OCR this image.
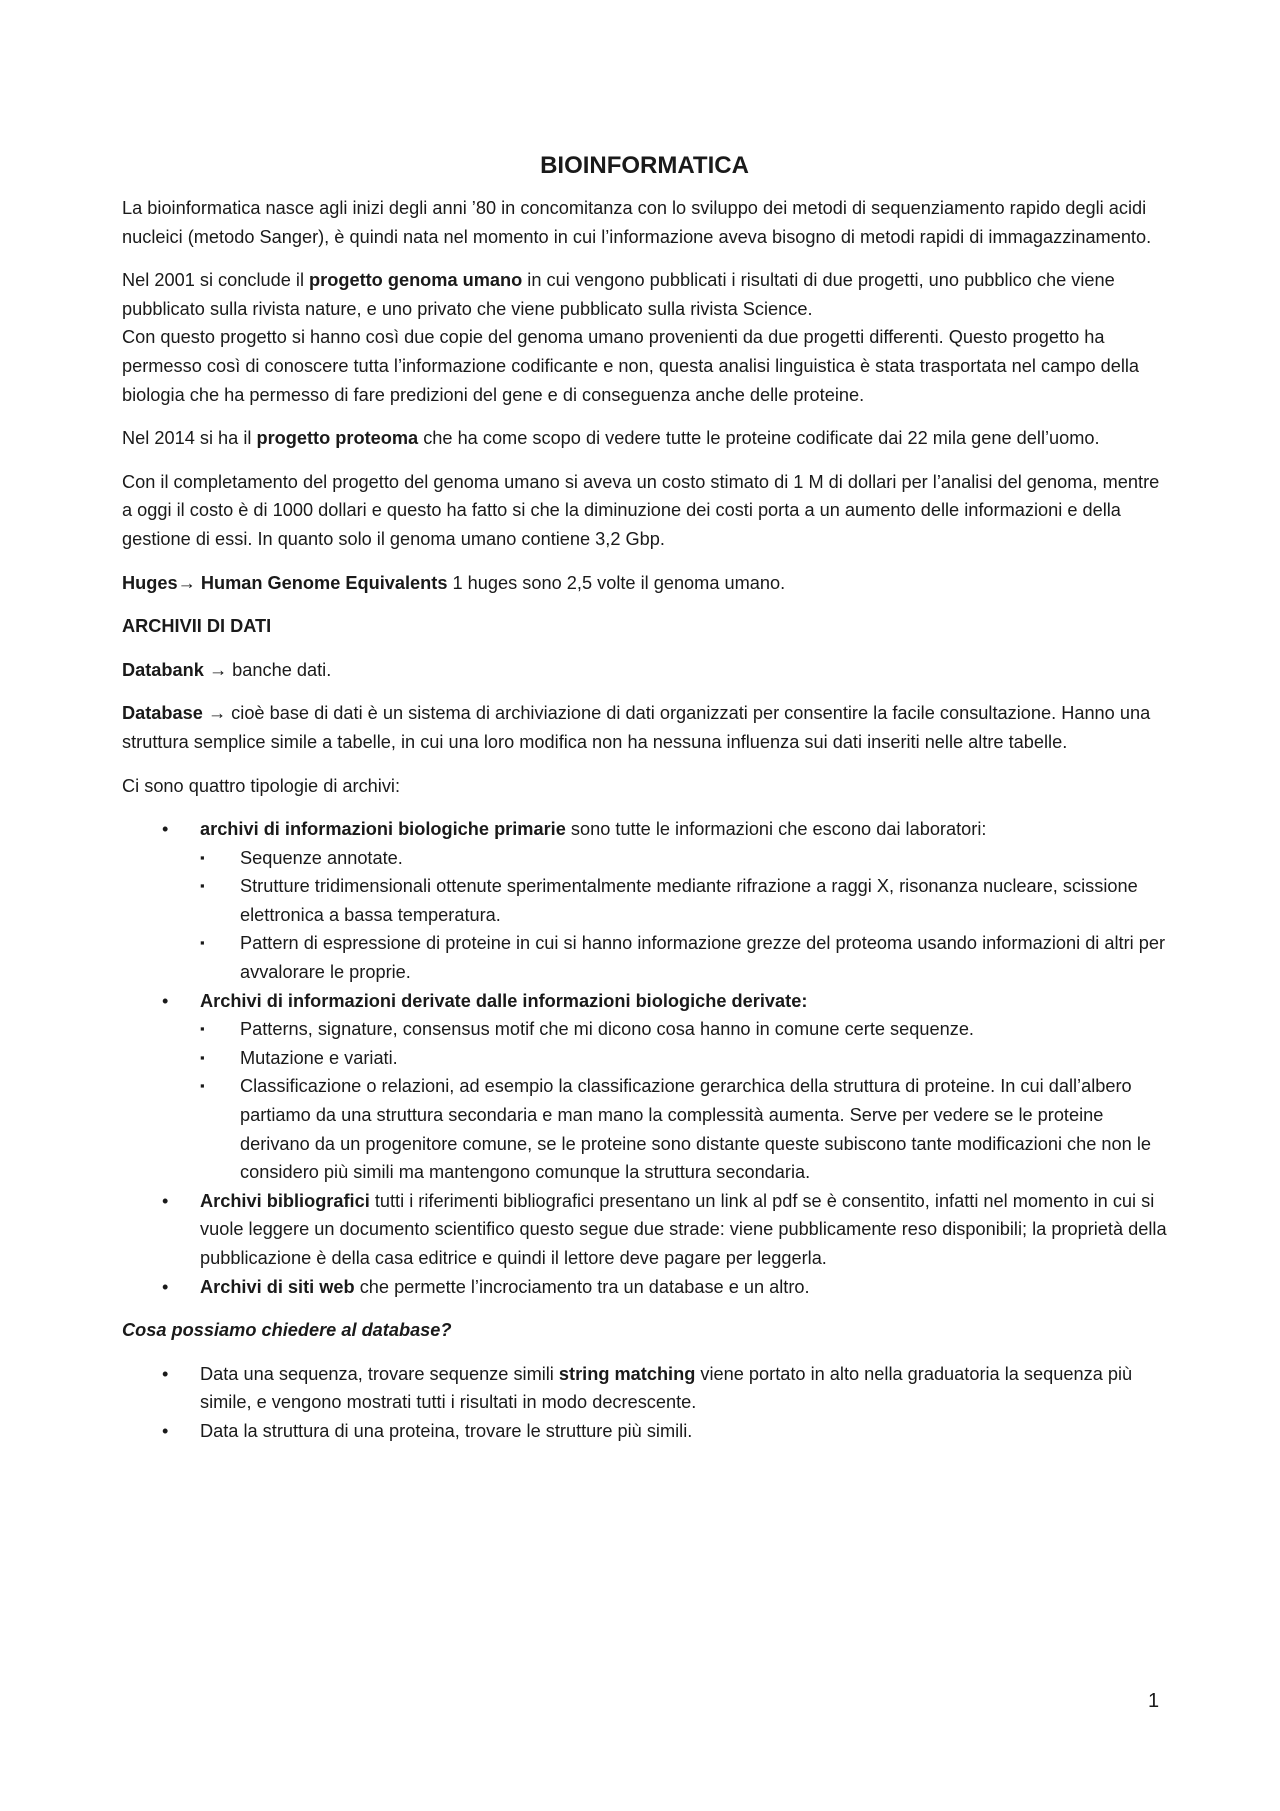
BIOINFORMATICA

La bioinformatica nasce agli inizi degli anni ’80 in concomitanza con lo sviluppo dei metodi di sequenziamento rapido degli acidi nucleici (metodo Sanger), è quindi nata nel momento in cui l’informazione aveva bisogno di metodi rapidi di immagazzinamento.

Nel 2001 si conclude il progetto genoma umano in cui vengono pubblicati i risultati di due progetti, uno pubblico che viene pubblicato sulla rivista nature, e uno privato che viene pubblicato sulla rivista Science.

Con questo progetto si hanno così due copie del genoma umano provenienti da due progetti differenti. Questo progetto ha permesso così di conoscere tutta l’informazione codificante e non, questa analisi linguistica è stata trasportata nel campo della biologia che ha permesso di fare predizioni del gene e di conseguenza anche delle proteine.

Nel 2014 si ha il progetto proteoma che ha come scopo di vedere tutte le proteine codificate dai 22 mila gene dell’uomo.

Con il completamento del progetto del genoma umano si aveva un costo stimato di 1 M di dollari per l’analisi del genoma, mentre a oggi il costo è di 1000 dollari e questo ha fatto si che la diminuzione dei costi porta a un aumento delle informazioni e della gestione di essi. In quanto solo il genoma umano contiene 3,2 Gbp.

Huges→ Human Genome Equivalents 1 huges sono 2,5 volte il genoma umano.

ARCHIVII DI DATI

Databank → banche dati.

Database → cioè base di dati è un sistema di archiviazione di dati organizzati per consentire la facile consultazione. Hanno una struttura semplice simile a tabelle, in cui una loro modifica non ha nessuna influenza sui dati inseriti nelle altre tabelle.

Ci sono quattro tipologie di archivi:

• archivi di informazioni biologiche primarie sono tutte le informazioni che escono dai laboratori:
▪ Sequenze annotate.
▪ Strutture tridimensionali ottenute sperimentalmente mediante rifrazione a raggi X, risonanza nucleare, scissione elettronica a bassa temperatura.
▪ Pattern di espressione di proteine in cui si hanno informazione grezze del proteoma usando informazioni di altri per avvalorare le proprie.
• Archivi di informazioni derivate dalle informazioni biologiche derivate:
▪ Patterns, signature, consensus motif che mi dicono cosa hanno in comune certe sequenze.
▪ Mutazione e variati.
▪ Classificazione o relazioni, ad esempio la classificazione gerarchica della struttura di proteine. In cui dall’albero partiamo da una struttura secondaria e man mano la complessità aumenta. Serve per vedere se le proteine derivano da un progenitore comune, se le proteine sono distante queste subiscono tante modificazioni che non le considero più simili ma mantengono comunque la struttura secondaria.
• Archivi bibliografici tutti i riferimenti bibliografici presentano un link al pdf se è consentito, infatti nel momento in cui si vuole leggere un documento scientifico questo segue due strade: viene pubblicamente reso disponibili; la proprietà della pubblicazione è della casa editrice e quindi il lettore deve pagare per leggerla.
• Archivi di siti web che permette l’incrociamento tra un database e un altro.

Cosa possiamo chiedere al database?

• Data una sequenza, trovare sequenze simili string matching viene portato in alto nella graduatoria la sequenza più simile, e vengono mostrati tutti i risultati in modo decrescente.
• Data la struttura di una proteina, trovare le strutture più simili.
1
